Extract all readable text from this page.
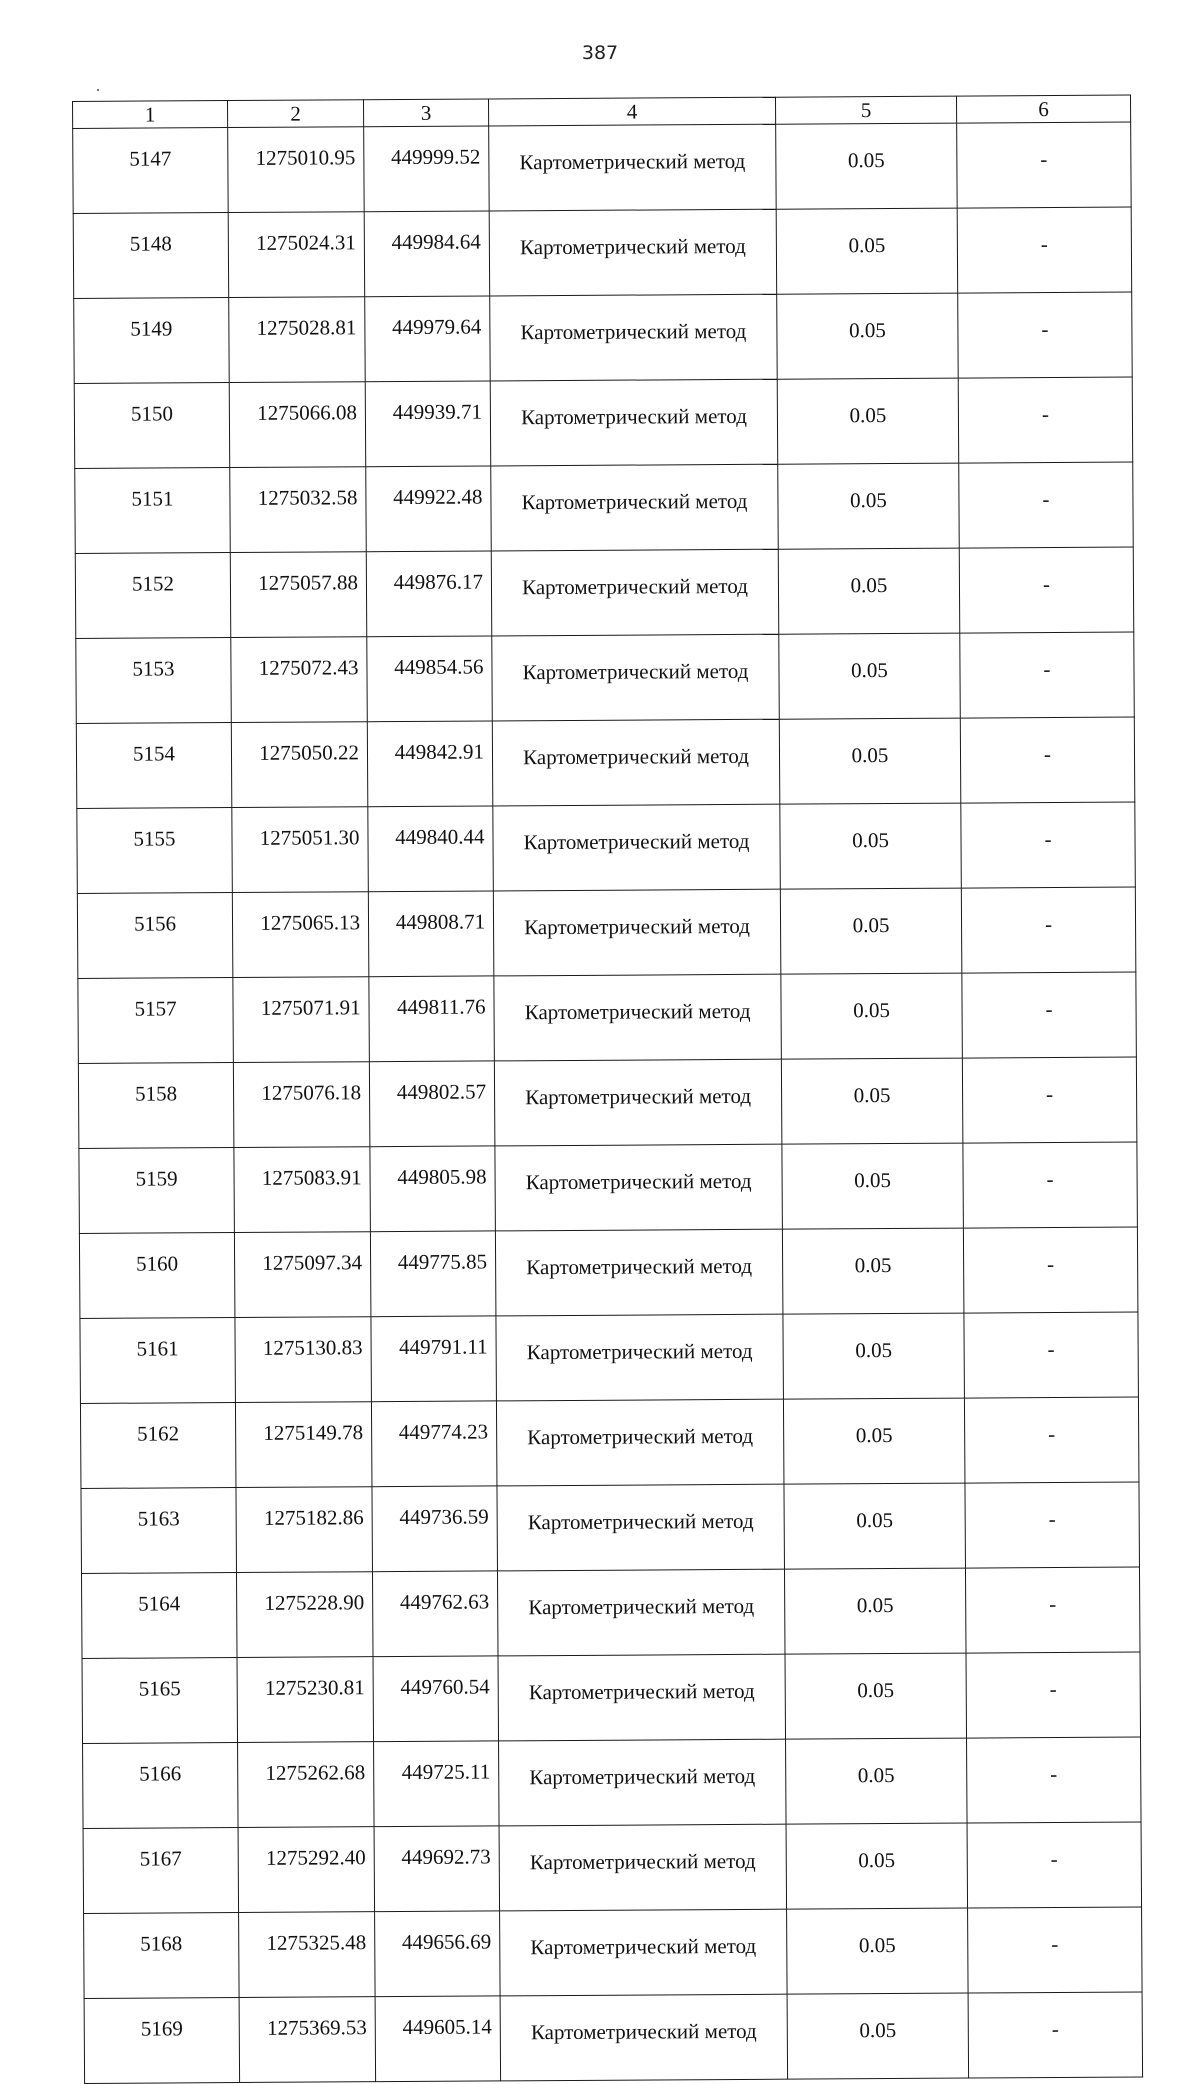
387
1	2	3	4	5	6
5147	1275010.95	449999.52	Картометрический метод	0.05	-
5148	1275024.31	449984.64	Картометрический метод	0.05	-
5149	1275028.81	449979.64	Картометрический метод	0.05	-
5150	1275066.08	449939.71	Картометрический метод	0.05	-
5151	1275032.58	449922.48	Картометрический метод	0.05	-
5152	1275057.88	449876.17	Картометрический метод	0.05	-
5153	1275072.43	449854.56	Картометрический метод	0.05	-
5154	1275050.22	449842.91	Картометрический метод	0.05	-
5155	1275051.30	449840.44	Картометрический метод	0.05	-
5156	1275065.13	449808.71	Картометрический метод	0.05	-
5157	1275071.91	449811.76	Картометрический метод	0.05	-
5158	1275076.18	449802.57	Картометрический метод	0.05	-
5159	1275083.91	449805.98	Картометрический метод	0.05	-
5160	1275097.34	449775.85	Картометрический метод	0.05	-
5161	1275130.83	449791.11	Картометрический метод	0.05	-
5162	1275149.78	449774.23	Картометрический метод	0.05	-
5163	1275182.86	449736.59	Картометрический метод	0.05	-
5164	1275228.90	449762.63	Картометрический метод	0.05	-
5165	1275230.81	449760.54	Картометрический метод	0.05	-
5166	1275262.68	449725.11	Картометрический метод	0.05	-
5167	1275292.40	449692.73	Картометрический метод	0.05	-
5168	1275325.48	449656.69	Картометрический метод	0.05	-
5169	1275369.53	449605.14	Картометрический метод	0.05	-
